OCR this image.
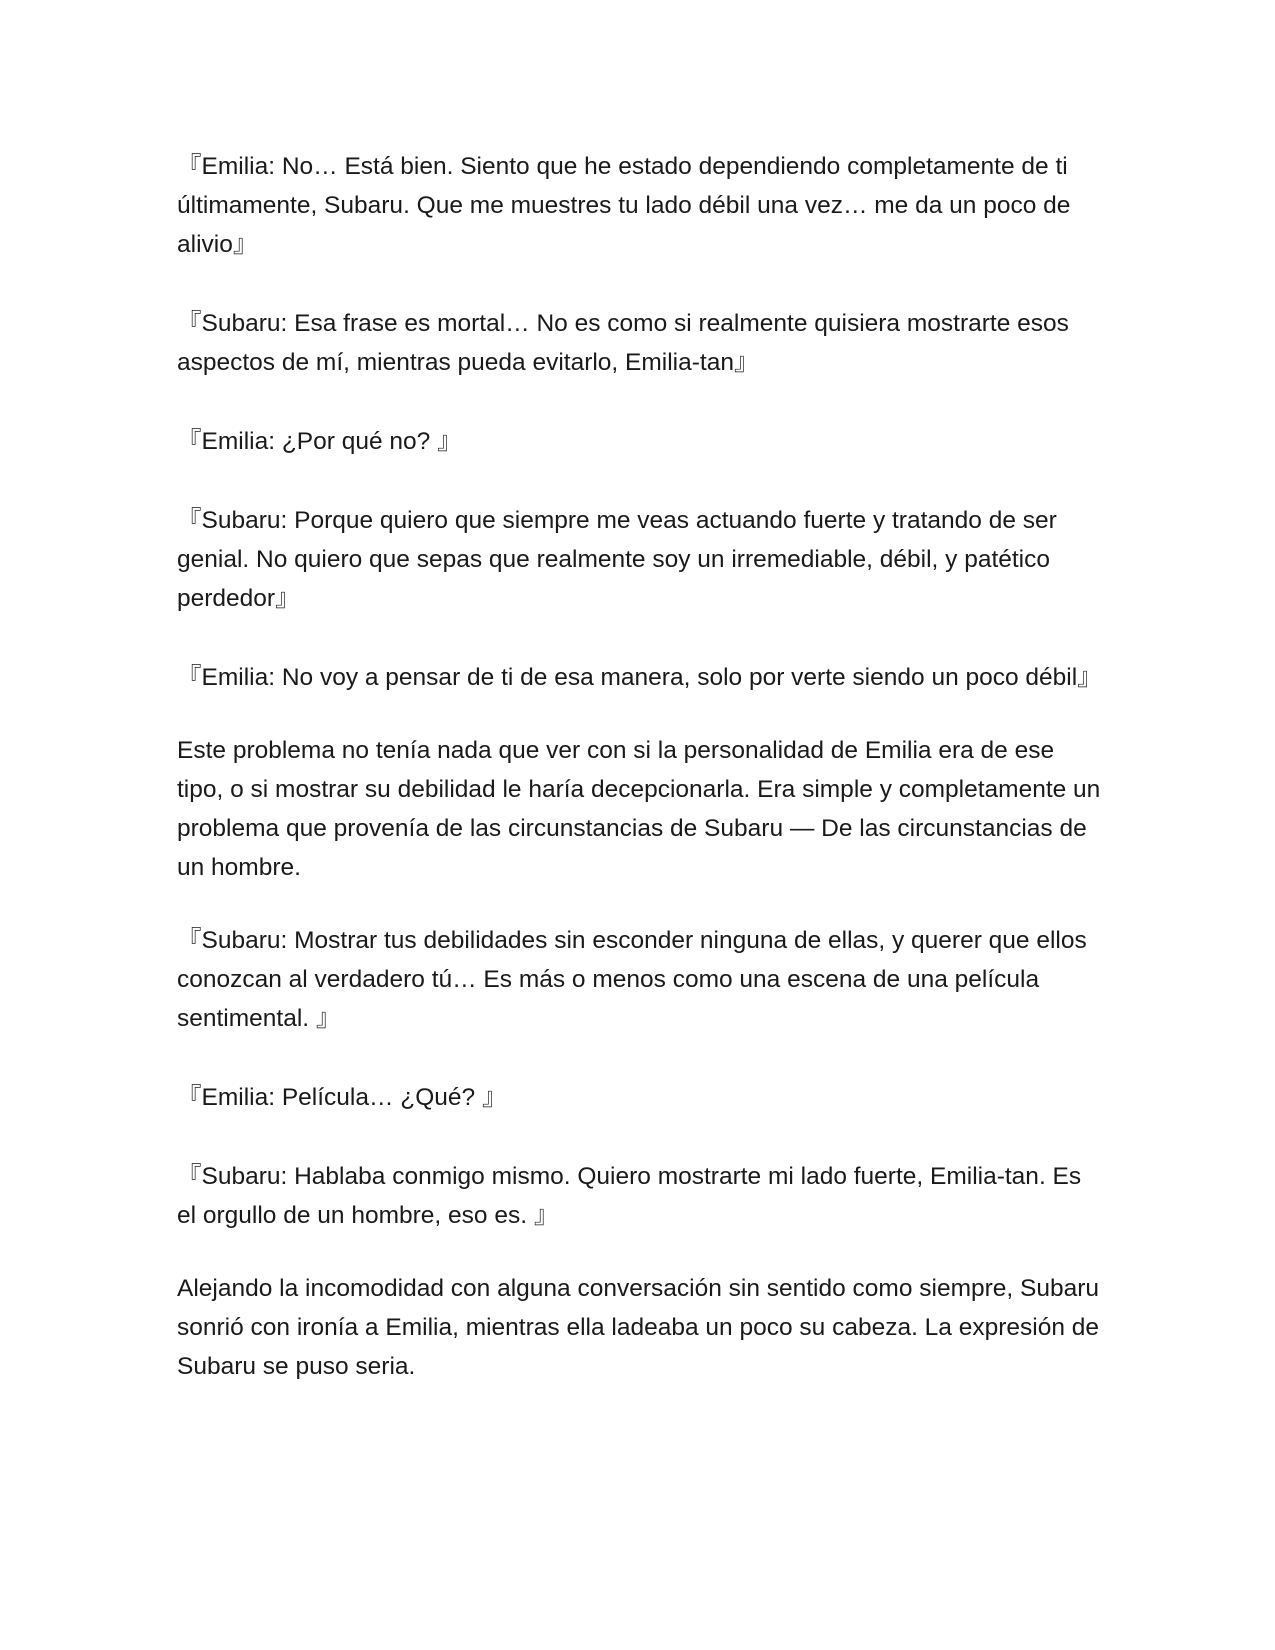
『Emilia: No… Está bien. Siento que he estado dependiendo completamente de ti últimamente, Subaru. Que me muestres tu lado débil una vez… me da un poco de alivio』

『Subaru: Esa frase es mortal… No es como si realmente quisiera mostrarte esos aspectos de mí, mientras pueda evitarlo, Emilia-tan』

『Emilia: ¿Por qué no? 』

『Subaru: Porque quiero que siempre me veas actuando fuerte y tratando de ser genial. No quiero que sepas que realmente soy un irremediable, débil, y patético perdedor』

『Emilia: No voy a pensar de ti de esa manera, solo por verte siendo un poco débil』

Este problema no tenía nada que ver con si la personalidad de Emilia era de ese tipo, o si mostrar su debilidad le haría decepcionarla. Era simple y completamente un problema que provenía de las circunstancias de Subaru — De las circunstancias de un hombre.

『Subaru: Mostrar tus debilidades sin esconder ninguna de ellas, y querer que ellos conozcan al verdadero tú… Es más o menos como una escena de una película sentimental. 』

『Emilia: Película… ¿Qué? 』

『Subaru: Hablaba conmigo mismo. Quiero mostrarte mi lado fuerte, Emilia-tan. Es el orgullo de un hombre, eso es. 』

Alejando la incomodidad con alguna conversación sin sentido como siempre, Subaru sonrió con ironía a Emilia, mientras ella ladeaba un poco su cabeza. La expresión de Subaru se puso seria.
